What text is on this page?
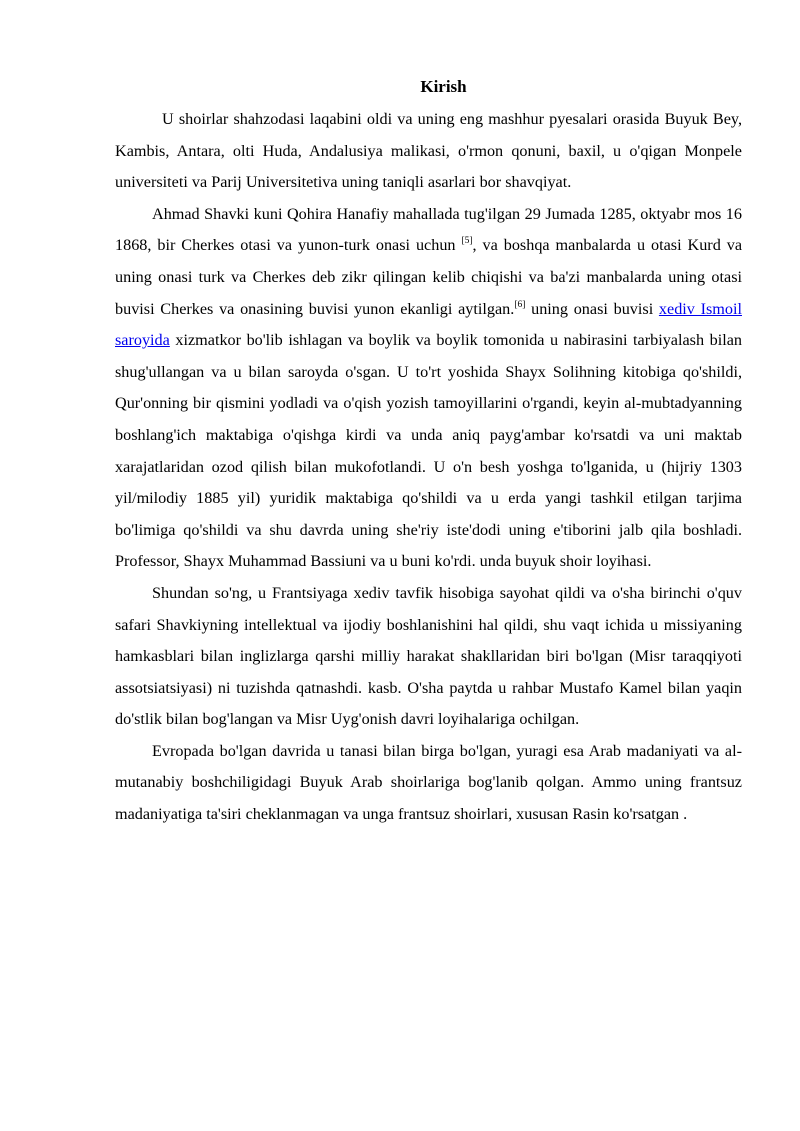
Kirish

U shoirlar shahzodasi laqabini oldi va uning eng mashhur pyesalari orasida Buyuk Bey, Kambis, Antara, olti Huda, Andalusiya malikasi, o'rmon qonuni, baxil, u o'qigan Monpele universiteti va Parij Universitetiva uning taniqli asarlari bor shavqiyat.

Ahmad Shavki kuni Qohira Hanafiy mahallada tug'ilgan 29 Jumada 1285, oktyabr mos 16 1868, bir Cherkes otasi va yunon-turk onasi uchun [5], va boshqa manbalarda u otasi Kurd va uning onasi turk va Cherkes deb zikr qilingan kelib chiqishi va ba'zi manbalarda uning otasi buvisi Cherkes va onasining buvisi yunon ekanligi aytilgan.[6] uning onasi buvisi xediv Ismoil saroyida xizmatkor bo'lib ishlagan va boylik va boylik tomonida u nabirasini tarbiyalash bilan shug'ullangan va u bilan saroyda o'sgan. U to'rt yoshida Shayx Solihning kitobiga qo'shildi, Qur'onning bir qismini yodladi va o'qish yozish tamoyillarini o'rgandi, keyin al-mubtadyanning boshlang'ich maktabiga o'qishga kirdi va unda aniq payg'ambar ko'rsatdi va uni maktab xarajatlaridan ozod qilish bilan mukofotlandi. U o'n besh yoshga to'lganida, u (hijriy 1303 yil/milodiy 1885 yil) yuridik maktabiga qo'shildi va u erda yangi tashkil etilgan tarjima bo'limiga qo'shildi va shu davrda uning she'riy iste'dodi uning e'tiborini jalb qila boshladi. Professor, Shayx Muhammad Bassiuni va u buni ko'rdi. unda buyuk shoir loyihasi.

Shundan so'ng, u Frantsiyaga xediv tavfik hisobiga sayohat qildi va o'sha birinchi o'quv safari Shavkiyning intellektual va ijodiy boshlanishini hal qildi, shu vaqt ichida u missiyaning hamkasblari bilan inglizlarga qarshi milliy harakat shakllaridan biri bo'lgan (Misr taraqqiyoti assotsiatsiyasi) ni tuzishda qatnashdi. kasb. O'sha paytda u rahbar Mustafo Kamel bilan yaqin do'stlik bilan bog'langan va Misr Uyg'onish davri loyihalariga ochilgan.

Evropada bo'lgan davrida u tanasi bilan birga bo'lgan, yuragi esa Arab madaniyati va al-mutanabiy boshchiligidagi Buyuk Arab shoirlariga bog'lanib qolgan. Ammo uning frantsuz madaniyatiga ta'siri cheklanmagan va unga frantsuz shoirlari, xususan Rasin ko'rsatgan .
